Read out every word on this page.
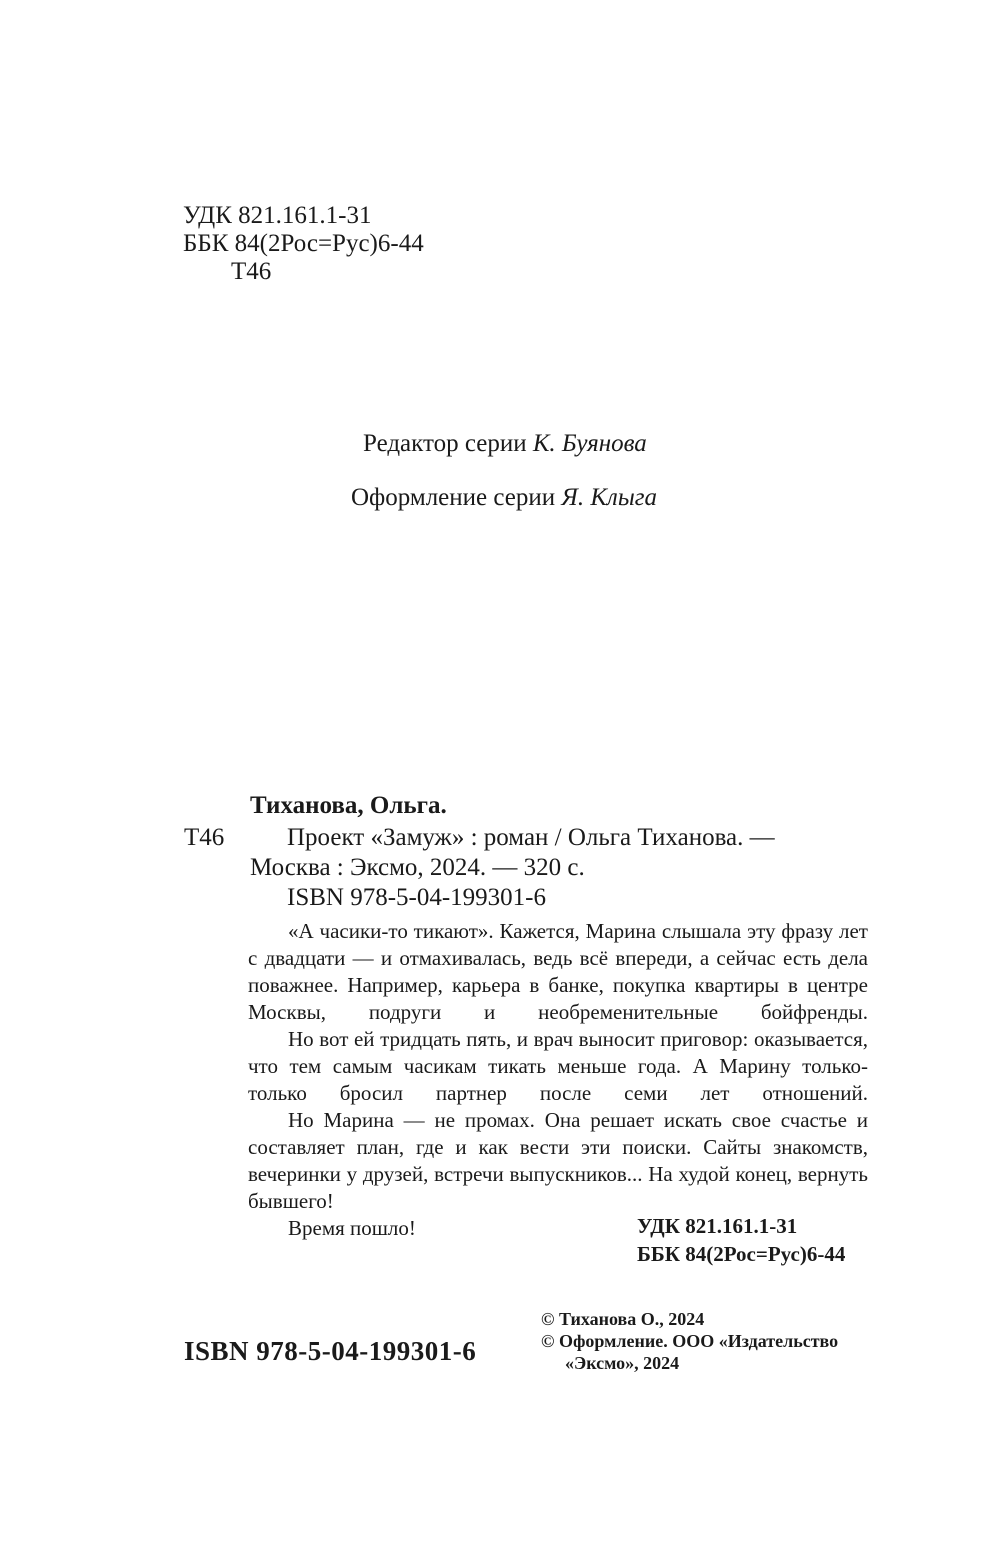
УДК 821.161.1-31
ББК 84(2Рос=Рус)6-44
Т46
Редактор серии К. Буянова
Оформление серии Я. Клыга
Тиханова, Ольга.
Т46	Проект «Замуж» : роман / Ольга Тиханова. —
Москва : Эксмо, 2024. — 320 с.
ISBN 978-5-04-199301-6

«А часики-то тикают». Кажется, Марина слышала эту фразу лет с двадцати — и отмахивалась, ведь всё впереди, а сейчас есть дела поважнее. Например, карьера в банке, покупка квартиры в центре Москвы, подруги и необременительные бойфренды.

Но вот ей тридцать пять, и врач выносит приговор: оказывается, что тем самым часикам тикать меньше года. А Марину только-только бросил партнер после семи лет отношений.

Но Марина — не промах. Она решает искать свое счастье и составляет план, где и как вести эти поиски. Сайты знакомств, вечеринки у друзей, встречи выпускников... На худой конец, вернуть бывшего!

Время пошло!	УДК 821.161.1-31
ББК 84(2Рос=Рус)6-44
ISBN 978-5-04-199301-6
© Тиханова О., 2024
© Оформление. ООО «Издательство
«Эксмо», 2024
